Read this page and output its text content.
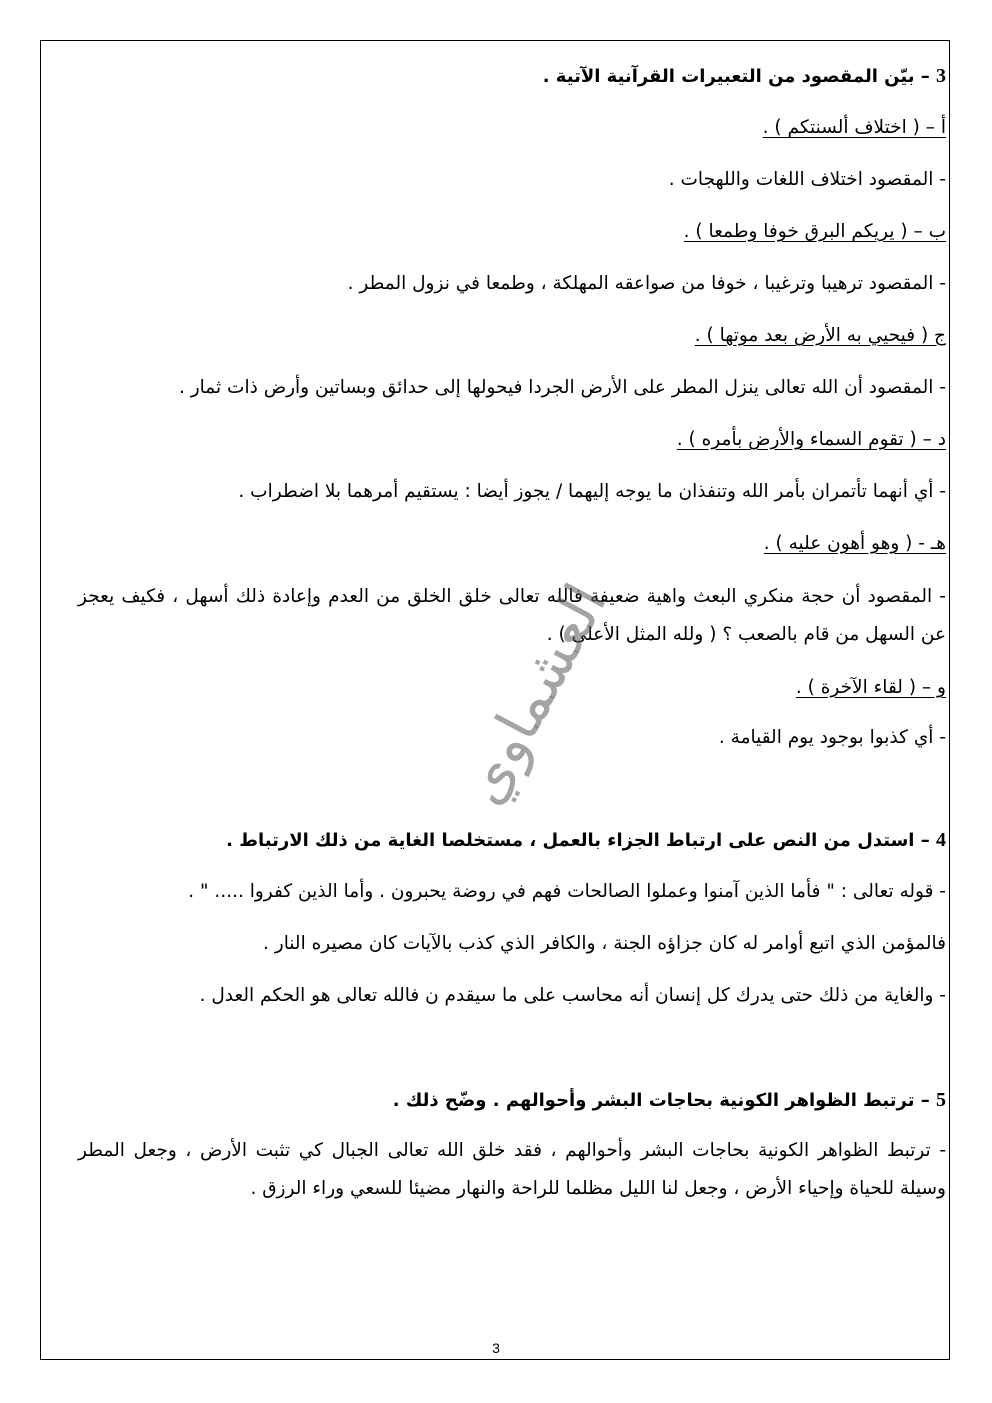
3 – بيّن المقصود من التعبيرات القرآنية الآتية .
أ – ( اختلاف ألسنتكم ) .
- المقصود اختلاف اللغات واللهجات .
ب – ( يريكم البرق خوفا وطمعا ) .
- المقصود ترهيبا وترغيبا ، خوفا من صواعقه المهلكة ، وطمعا في نزول المطر .
ج ( فيحيي به الأرض بعد موتها ) .
- المقصود أن الله تعالى ينزل المطر على الأرض الجردا فيحولها إلى حدائق وبساتين وأرض ذات ثمار .
د – ( تقوم السماء والأرض بأمره ) .
- أي أنهما تأتمران بأمر الله وتنفذان ما يوجه إليهما / يجوز أيضا : يستقيم أمرهما بلا اضطراب .
هـ - ( وهو أهون عليه ) .
- المقصود أن حجة منكري البعث واهية ضعيفة فالله تعالى خلق الخلق من العدم وإعادة ذلك أسهل ، فكيف يعجز عن السهل من قام بالصعب ؟ ( ولله المثل الأعلى ) .
و – ( لقاء الآخرة ) .
- أي كذبوا بوجود يوم القيامة .
4 – استدل من النص على ارتباط الجزاء بالعمل ، مستخلصا الغاية من ذلك الارتباط .
- قوله تعالى : " فأما الذين آمنوا وعملوا الصالحات فهم في روضة يحبرون . وأما الذين كفروا ..... " .
فالمؤمن الذي اتبع أوامر له كان جزاؤه الجنة ، والكافر الذي كذب بالآيات كان مصيره النار .
- والغاية من ذلك حتى يدرك كل إنسان أنه محاسب على ما سيقدم ن فالله تعالى هو الحكم العدل .
5 – ترتبط الظواهر الكونية بحاجات البشر وأحوالهم . وضّح ذلك .
- ترتبط الظواهر الكونية بحاجات البشر وأحوالهم ، فقد خلق الله تعالى الجبال كي تثبت الأرض ، وجعل المطر وسيلة للحياة وإحياء الأرض ، وجعل لنا الليل مظلما للراحة والنهار مضيئا للسعي وراء الرزق .
العشماوي
3
